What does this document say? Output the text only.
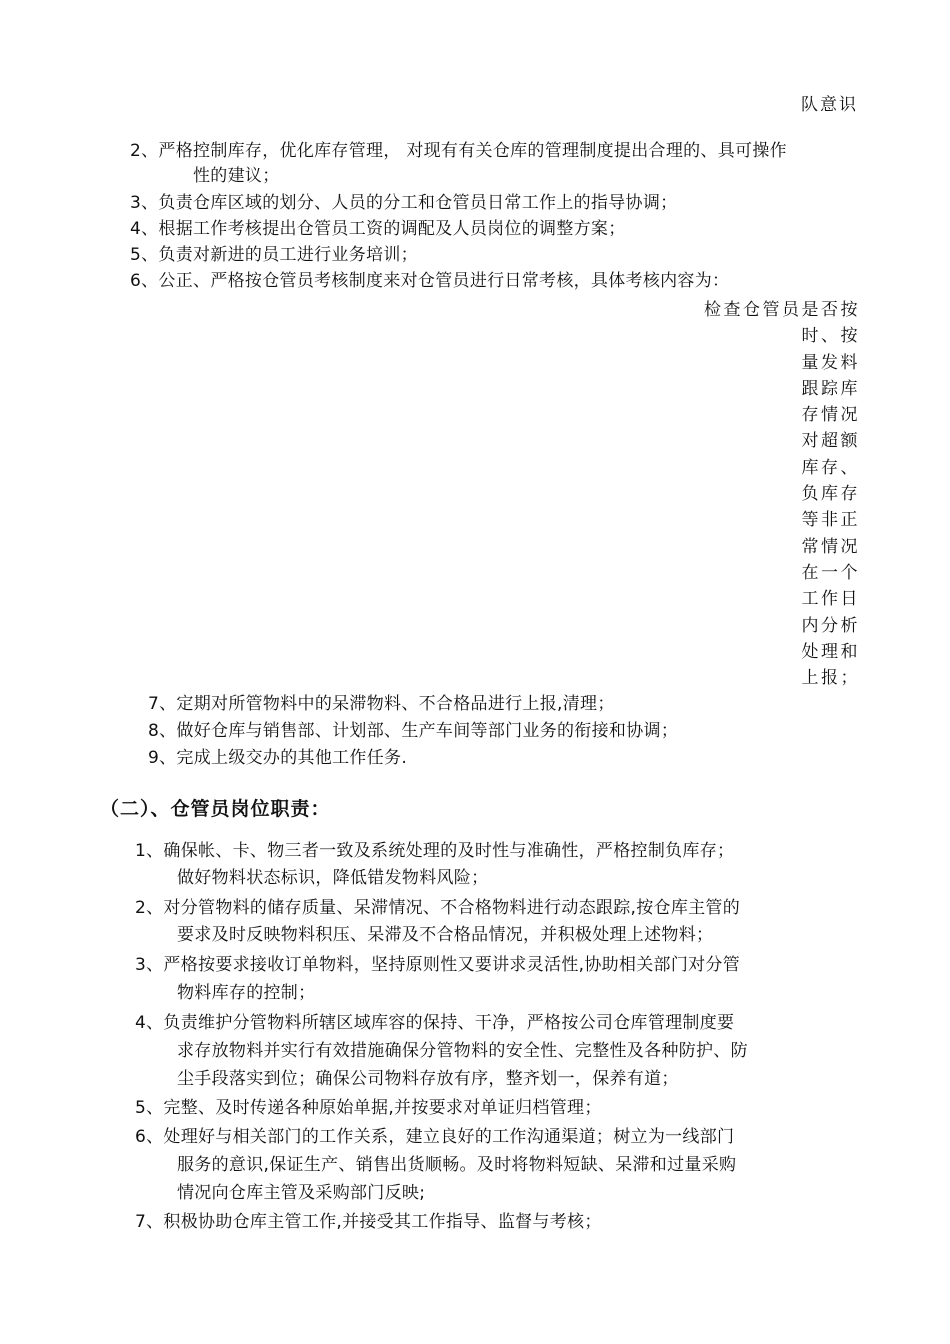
队意识
2、严格控制库存，优化库存管理， 对现有有关仓库的管理制度提出合理的、具可操作
性的建议；
3、负责仓库区域的划分、人员的分工和仓管员日常工作上的指导协调；
4、根据工作考核提出仓管员工资的调配及人员岗位的调整方案；
5、负责对新进的员工进行业务培训；
6、公正、严格按仓管员考核制度来对仓管员进行日常考核，具体考核内容为：
检查仓管员是否按
时、按
量发料
跟踪库
存情况
对超额
库存、
负库存
等非正
常情况
在一个
工作日
内分析
处理和
上报；
7、定期对所管物料中的呆滞物料、不合格品进行上报,清理；
8、做好仓库与销售部、计划部、生产车间等部门业务的衔接和协调；
9、完成上级交办的其他工作任务.
（二）、仓管员岗位职责：
1、确保帐、卡、物三者一致及系统处理的及时性与准确性，严格控制负库存；
做好物料状态标识，降低错发物料风险；
2、对分管物料的储存质量、呆滞情况、不合格物料进行动态跟踪,按仓库主管的
要求及时反映物料积压、呆滞及不合格品情况，并积极处理上述物料；
3、严格按要求接收订单物料，坚持原则性又要讲求灵活性,协助相关部门对分管
物料库存的控制；
4、负责维护分管物料所辖区域库容的保持、干净，严格按公司仓库管理制度要
求存放物料并实行有效措施确保分管物料的安全性、完整性及各种防护、防
尘手段落实到位；确保公司物料存放有序，整齐划一，保养有道；
5、完整、及时传递各种原始单据,并按要求对单证归档管理；
6、处理好与相关部门的工作关系，建立良好的工作沟通渠道；树立为一线部门
服务的意识,保证生产、销售出货顺畅。及时将物料短缺、呆滞和过量采购
情况向仓库主管及采购部门反映;
7、积极协助仓库主管工作,并接受其工作指导、监督与考核；
